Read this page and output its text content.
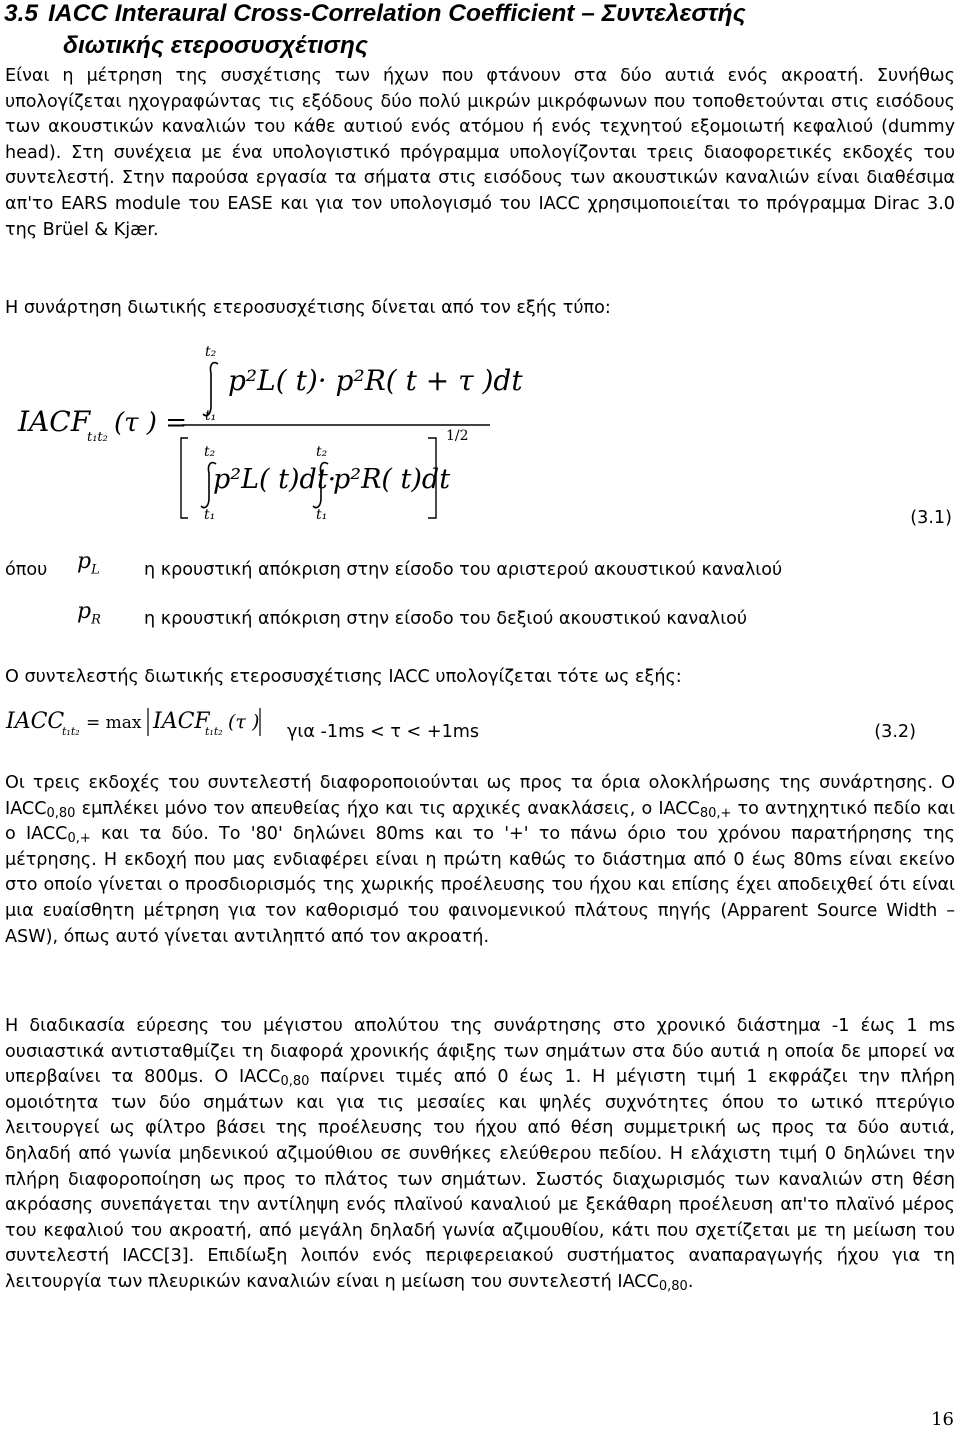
3.5 IACC Interaural Cross-Correlation Coefficient – Συντελεστής
διωτικής ετεροσυσχέτισης
Είναι η μέτρηση της συσχέτισης των ήχων που φτάνουν στα δύο αυτιά ενός ακροατή. Συνήθως υπολογίζεται ηχογραφώντας τις εξόδους δύο πολύ μικρών μικρόφωνων που τοποθετούνται στις εισόδους των ακουστικών καναλιών του κάθε αυτιού ενός ατόμου ή ενός τεχνητού εξομοιωτή κεφαλιού (dummy head). Στη συνέχεια με ένα υπολογιστικό πρόγραμμα υπολογίζονται τρεις διαοφορετικές εκδοχές του συντελεστή. Στην παρούσα εργασία τα σήματα στις εισόδους των ακουστικών καναλιών είναι διαθέσιμα απ'το EARS module του EASE και για τον υπολογισμό του IACC χρησιμοποιείται το πρόγραμμα Dirac 3.0 της Brüel & Kjær.
Η συνάρτηση διωτικής ετεροσυσχέτισης δίνεται από τον εξής τύπο:
IACF
t₁t₂ (τ ) =
t₂
t₁
p²L( t)· p²R( t + τ )dt
1/2
t₂
t₁
p²L( t)dt·
t₂
t₁
p²R( t)dt
(3.1)
όπου $p_L$	η κρουστική απόκριση στην είσοδο του αριστερού ακουστικού καναλιού
$p_R$ η κρουστική απόκριση στην είσοδο του δεξιού ακουστικού καναλιού
Ο συντελεστής διωτικής ετεροσυσχέτισης IACC υπολογίζεται τότε ως εξής:
IACC
t₁t₂ = max IACF
t₁t₂ (τ ) για -1ms < τ < +1ms	(3.2)
Οι τρεις εκδοχές του συντελεστή διαφοροποιούνται ως προς τα όρια ολοκλήρωσης της συνάρτησης. Ο $IACC_{0,80}$ εμπλέκει μόνο τον απευθείας ήχο και τις αρχικές ανακλάσεις, ο $IACC_{80,+}$ το αντηχητικό πεδίο και ο $IACC_{0,+}$ και τα δύο. Το '80' δηλώνει 80ms και το '+' το πάνω όριο του χρόνου παρατήρησης της μέτρησης. Η εκδοχή που μας ενδιαφέρει είναι η πρώτη καθώς το διάστημα από 0 έως 80ms είναι εκείνο στο οποίο γίνεται ο προσδιορισμός της χωρικής προέλευσης του ήχου και επίσης έχει αποδειχθεί ότι είναι μια ευαίσθητη μέτρηση για τον καθορισμό του φαινομενικού πλάτους πηγής (Apparent Source Width – ASW), όπως αυτό γίνεται αντιληπτό από τον ακροατή.
Η διαδικασία εύρεσης του μέγιστου απολύτου της συνάρτησης στο χρονικό διάστημα -1 έως 1 ms ουσιαστικά αντισταθμίζει τη διαφορά χρονικής άφιξης των σημάτων στα δύο αυτιά η οποία δε μπορεί να υπερβαίνει τα 800μs. Ο $IACC_{0,80}$ παίρνει τιμές από 0 έως 1. Η μέγιστη τιμή 1 εκφράζει την πλήρη ομοιότητα των δύο σημάτων και για τις μεσαίες και ψηλές συχνότητες όπου το ωτικό πτερύγιο λειτουργεί ως φίλτρο βάσει της προέλευσης του ήχου από θέση συμμετρική ως προς τα δύο αυτιά, δηλαδή από γωνία μηδενικού αζιμούθιου σε συνθήκες ελεύθερου πεδίου. Η ελάχιστη τιμή 0 δηλώνει την πλήρη διαφοροποίηση ως προς το πλάτος των σημάτων. Σωστός διαχωρισμός των καναλιών στη θέση ακρόασης συνεπάγεται την αντίληψη ενός πλαϊνού καναλιού με ξεκάθαρη προέλευση απ'το πλαϊνό μέρος του κεφαλιού του ακροατή, από μεγάλη δηλαδή γωνία αζιμουθίου, κάτι που σχετίζεται με τη μείωση του συντελεστή IACC[3]. Επιδίωξη λοιπόν ενός περιφερειακού συστήματος αναπαραγωγής ήχου για τη λειτουργία των πλευρικών καναλιών είναι η μείωση του συντελεστή $IACC_{0,80}$.
16
